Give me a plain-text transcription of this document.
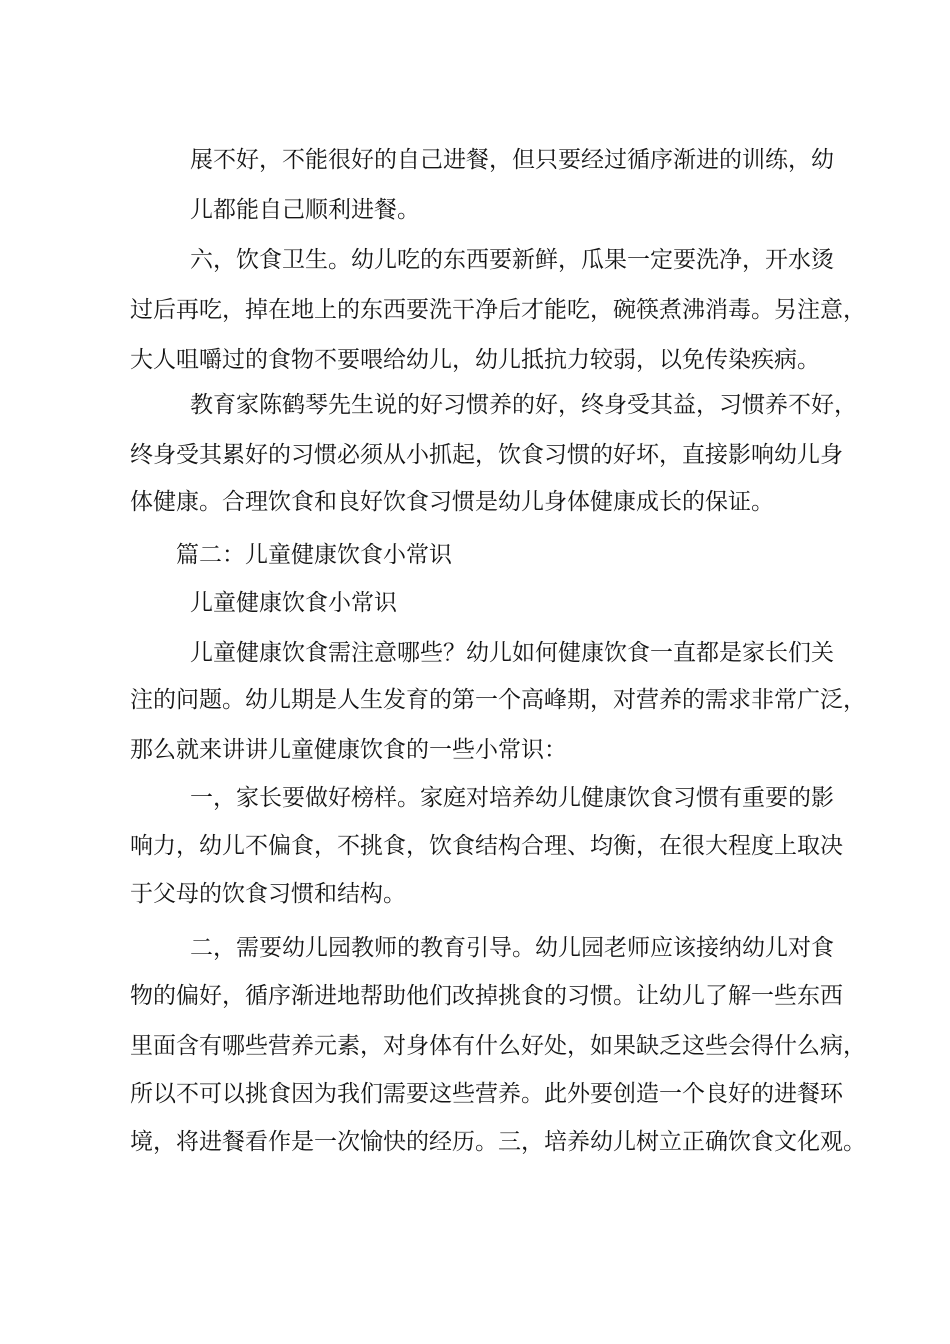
展不好，不能很好的自己进餐，但只要经过循序渐进的训练，幼
儿都能自己顺利进餐。
六，饮食卫生。幼儿吃的东西要新鲜，瓜果一定要洗净，开水烫
过后再吃，掉在地上的东西要洗干净后才能吃，碗筷煮沸消毒。另注意，
大人咀嚼过的食物不要喂给幼儿，幼儿抵抗力较弱，以免传染疾病。
教育家陈鹤琴先生说的好习惯养的好，终身受其益，习惯养不好，
终身受其累好的习惯必须从小抓起，饮食习惯的好坏，直接影响幼儿身
体健康。合理饮食和良好饮食习惯是幼儿身体健康成长的保证。
篇二：儿童健康饮食小常识
儿童健康饮食小常识
儿童健康饮食需注意哪些？幼儿如何健康饮食一直都是家长们关
注的问题。幼儿期是人生发育的第一个高峰期，对营养的需求非常广泛，
那么就来讲讲儿童健康饮食的一些小常识：
一，家长要做好榜样。家庭对培养幼儿健康饮食习惯有重要的影
响力，幼儿不偏食，不挑食，饮食结构合理、均衡，在很大程度上取决
于父母的饮食习惯和结构。
二，需要幼儿园教师的教育引导。幼儿园老师应该接纳幼儿对食
物的偏好，循序渐进地帮助他们改掉挑食的习惯。让幼儿了解一些东西
里面含有哪些营养元素，对身体有什么好处，如果缺乏这些会得什么病，
所以不可以挑食因为我们需要这些营养。此外要创造一个良好的进餐环
境，将进餐看作是一次愉快的经历。三，培养幼儿树立正确饮食文化观。
